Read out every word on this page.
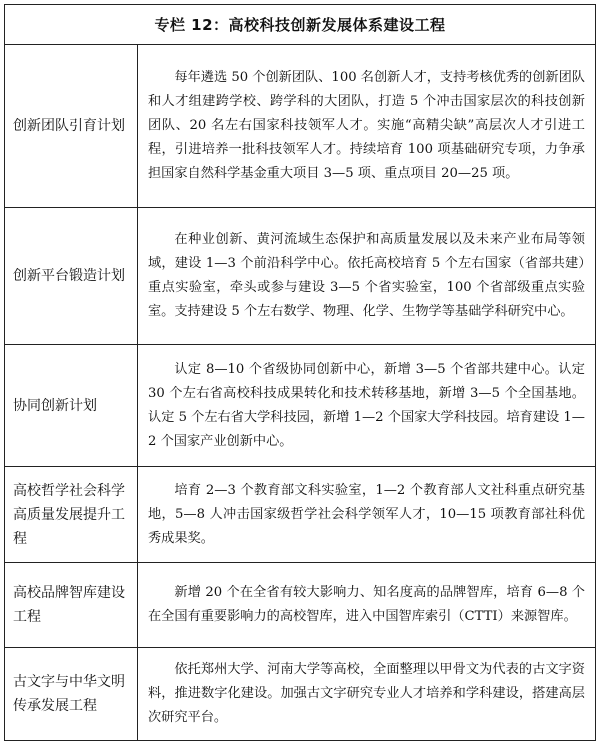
专栏 12：高校科技创新发展体系建设工程
创新团队引育计划
每年遴选 50 个创新团队、100 名创新人才，支持考核优秀的创新团队和人才组建跨学校、跨学科的大团队，打造 5 个冲击国家层次的科技创新团队、20 名左右国家科技领军人才。实施“高精尖缺”高层次人才引进工程，引进培养一批科技领军人才。持续培育 100 项基础研究专项，力争承担国家自然科学基金重大项目 3—5 项、重点项目 20—25 项。
创新平台锻造计划
在种业创新、黄河流域生态保护和高质量发展以及未来产业布局等领域，建设 1—3 个前沿科学中心。依托高校培育 5 个左右国家（省部共建）重点实验室，牵头或参与建设 3—5 个省实验室，100 个省部级重点实验室。支持建设 5 个左右数学、物理、化学、生物学等基础学科研究中心。
协同创新计划
认定 8—10 个省级协同创新中心，新增 3—5 个省部共建中心。认定 30 个左右省高校科技成果转化和技术转移基地，新增 3—5 个全国基地。认定 5 个左右省大学科技园，新增 1—2 个国家大学科技园。培育建设 1—2 个国家产业创新中心。
高校哲学社会科学高质量发展提升工程
培育 2—3 个教育部文科实验室，1—2 个教育部人文社科重点研究基地，5—8 人冲击国家级哲学社会科学领军人才，10—15 项教育部社科优秀成果奖。
高校品牌智库建设工程
新增 20 个在全省有较大影响力、知名度高的品牌智库，培育 6—8 个在全国有重要影响力的高校智库，进入中国智库索引（CTTI）来源智库。
古文字与中华文明传承发展工程
依托郑州大学、河南大学等高校，全面整理以甲骨文为代表的古文字资料，推进数字化建设。加强古文字研究专业人才培养和学科建设，搭建高层次研究平台。
